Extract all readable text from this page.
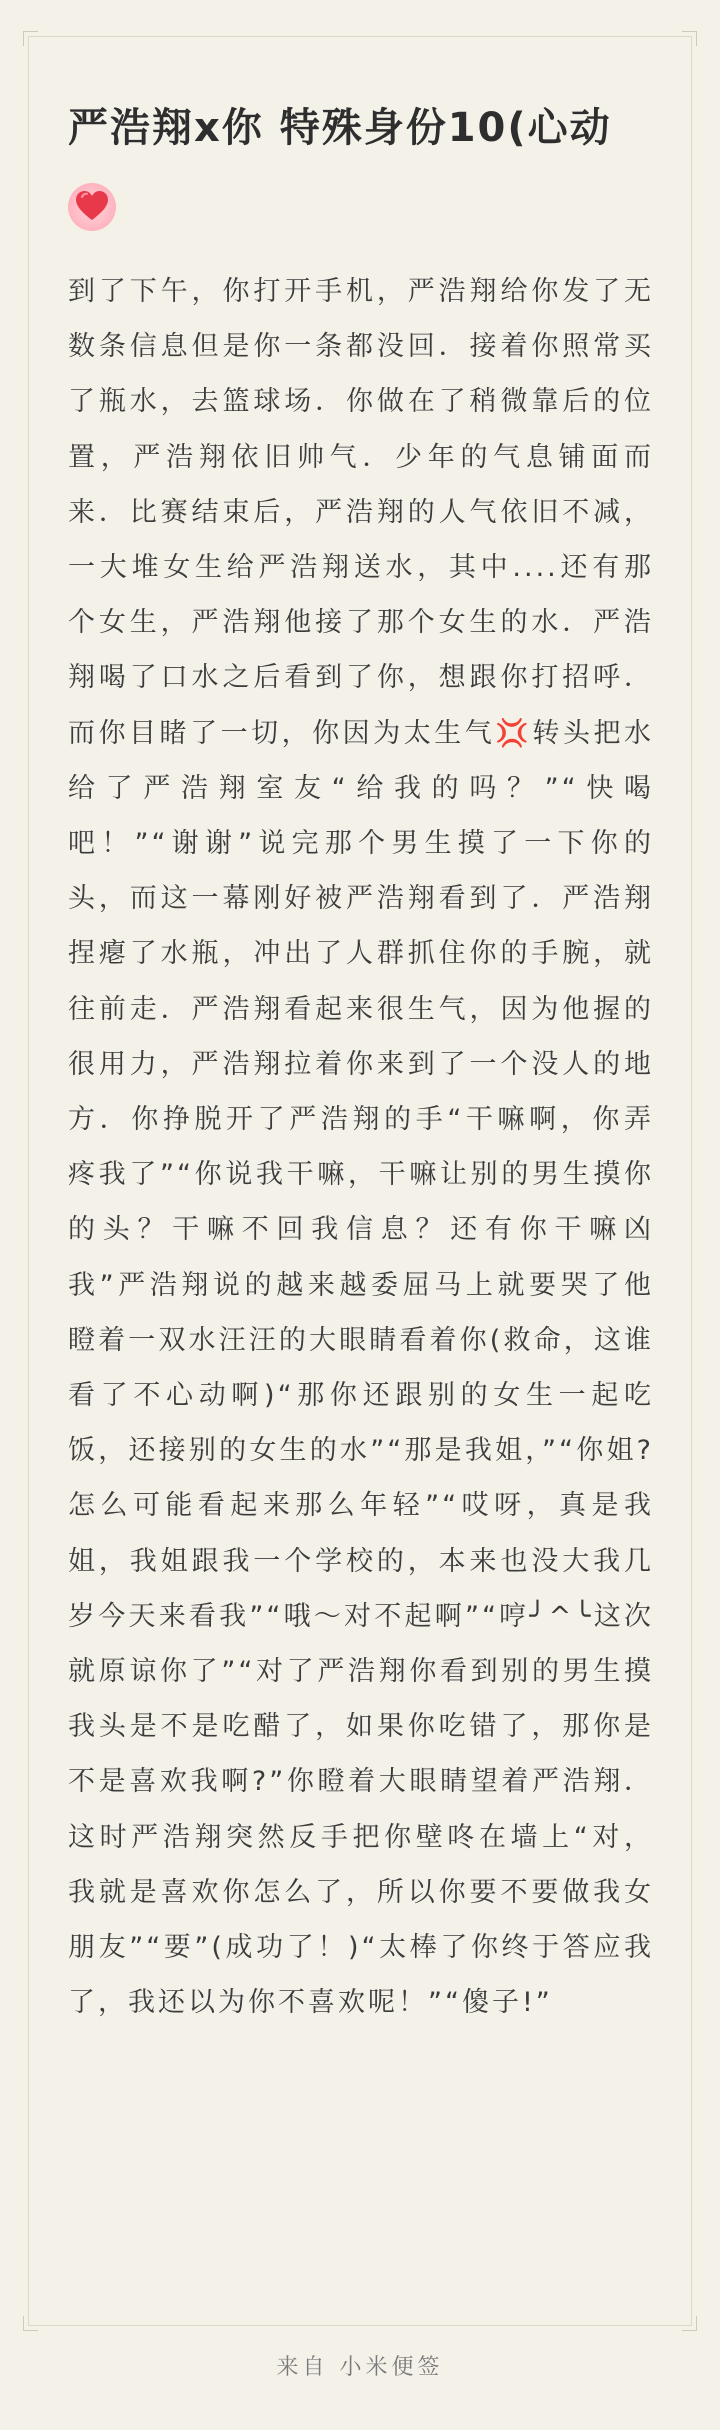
严浩翔x你 特殊身份10(心动

到了下午，你打开手机，严浩翔给你发了无数条信息但是你一条都没回．接着你照常买了瓶水，去篮球场．你做在了稍微靠后的位置，严浩翔依旧帅气．少年的气息铺面而来．比赛结束后，严浩翔的人气依旧不减，一大堆女生给严浩翔送水，其中....还有那个女生，严浩翔他接了那个女生的水．严浩翔喝了口水之后看到了你，想跟你打招呼．而你目睹了一切，你因为太生气💢转头把水给了严浩翔室友“给我的吗？”“快喝吧！”“谢谢”说完那个男生摸了一下你的头，而这一幕刚好被严浩翔看到了．严浩翔捏瘪了水瓶，冲出了人群抓住你的手腕，就往前走．严浩翔看起来很生气，因为他握的很用力，严浩翔拉着你来到了一个没人的地方．你挣脱开了严浩翔的手“干嘛啊，你弄疼我了”“你说我干嘛，干嘛让别的男生摸你的头？干嘛不回我信息？还有你干嘛凶我”严浩翔说的越来越委屈马上就要哭了他瞪着一双水汪汪的大眼睛看着你(救命，这谁看了不心动啊)“那你还跟别的女生一起吃饭，还接别的女生的水”“那是我姐，”“你姐?怎么可能看起来那么年轻”“哎呀，真是我姐，我姐跟我一个学校的，本来也没大我几岁今天来看我”“哦～对不起啊”“哼╯^╰这次就原谅你了”“对了严浩翔你看到别的男生摸我头是不是吃醋了，如果你吃错了，那你是不是喜欢我啊?”你瞪着大眼睛望着严浩翔．这时严浩翔突然反手把你壁咚在墙上“对，我就是喜欢你怎么了，所以你要不要做我女朋友”“要”(成功了！)“太棒了你终于答应我了，我还以为你不喜欢呢！”“傻子!”

来自 小米便签
